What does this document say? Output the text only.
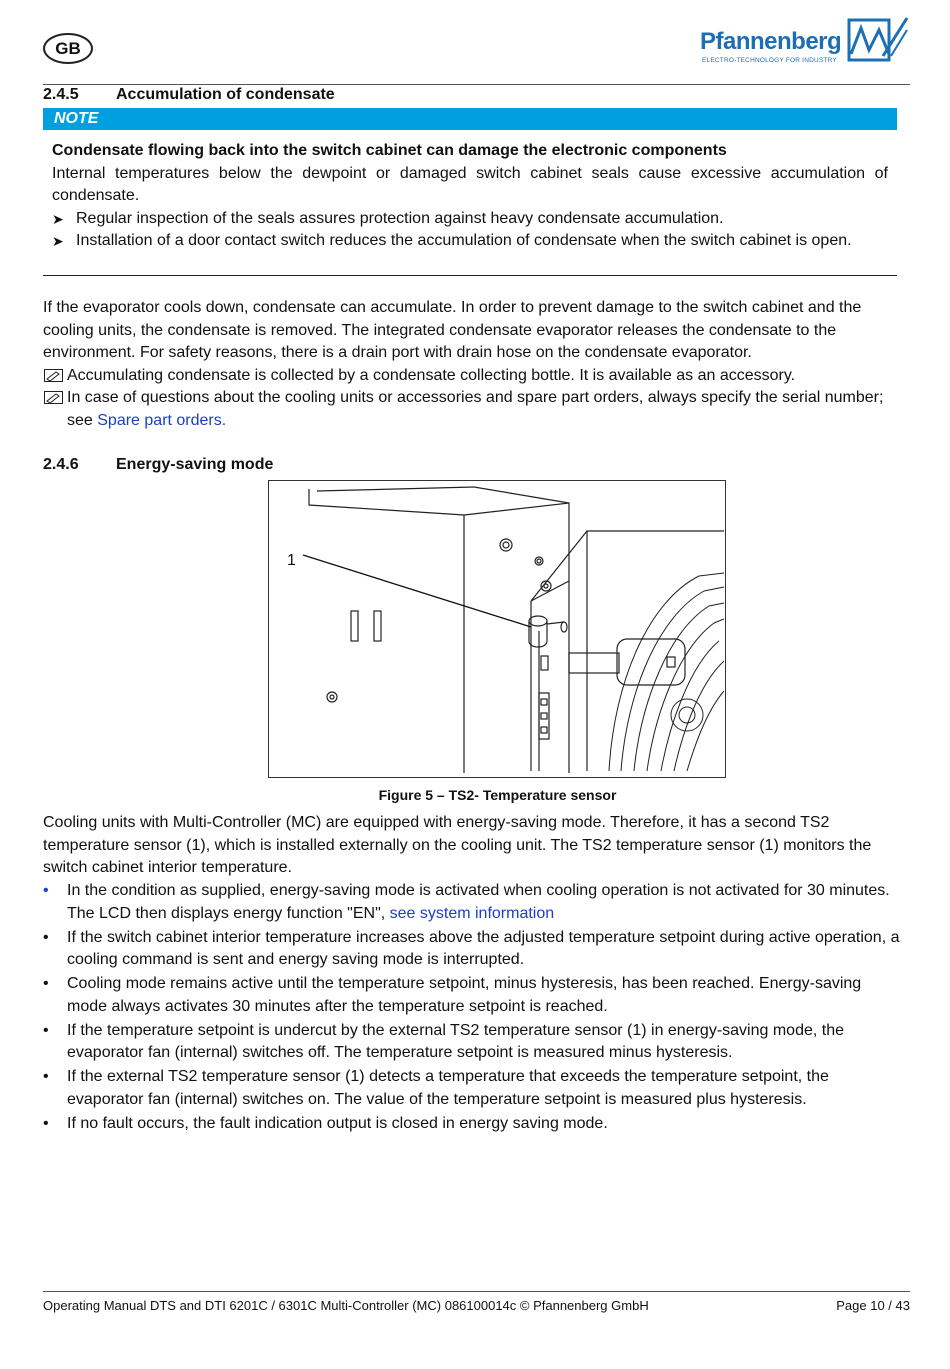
GB	Pfannenberg
ELECTRO-TECHNOLOGY FOR INDUSTRY
2.4.5 Accumulation of condensate
NOTE
Condensate flowing back into the switch cabinet can damage the electronic components
Internal temperatures below the dewpoint or damaged switch cabinet seals cause excessive accumulation of condensate.
➤ Regular inspection of the seals assures protection against heavy condensate accumulation.
➤ Installation of a door contact switch reduces the accumulation of condensate when the switch cabinet is open.
If the evaporator cools down, condensate can accumulate. In order to prevent damage to the switch cabinet and the cooling units, the condensate is removed. The integrated condensate evaporator releases the condensate to the environment. For safety reasons, there is a drain port with drain hose on the condensate evaporator.
Accumulating condensate is collected by a condensate collecting bottle. It is available as an accessory.
In case of questions about the cooling units or accessories and spare part orders, always specify the serial number; see Spare part orders.
2.4.6 Energy-saving mode
1
Figure 5 – TS2- Temperature sensor
Cooling units with Multi-Controller (MC) are equipped with energy-saving mode. Therefore, it has a second TS2 temperature sensor (1), which is installed externally on the cooling unit. The TS2 temperature sensor (1) monitors the switch cabinet interior temperature.
• In the condition as supplied, energy-saving mode is activated when cooling operation is not activated for 30 minutes. The LCD then displays energy function "EN", see system information
• If the switch cabinet interior temperature increases above the adjusted temperature setpoint during active operation, a cooling command is sent and energy saving mode is interrupted.
• Cooling mode remains active until the temperature setpoint, minus hysteresis, has been reached. Energy-saving mode always activates 30 minutes after the temperature setpoint is reached.
• If the temperature setpoint is undercut by the external TS2 temperature sensor (1) in energy-saving mode, the evaporator fan (internal) switches off. The temperature setpoint is measured minus hysteresis.
• If the external TS2 temperature sensor (1) detects a temperature that exceeds the temperature setpoint, the evaporator fan (internal) switches on. The value of the temperature setpoint is measured plus hysteresis.
• If no fault occurs, the fault indication output is closed in energy saving mode.
Operating Manual DTS and DTI 6201C / 6301C Multi-Controller (MC) 086100014c © Pfannenberg GmbH	Page 10 / 43
